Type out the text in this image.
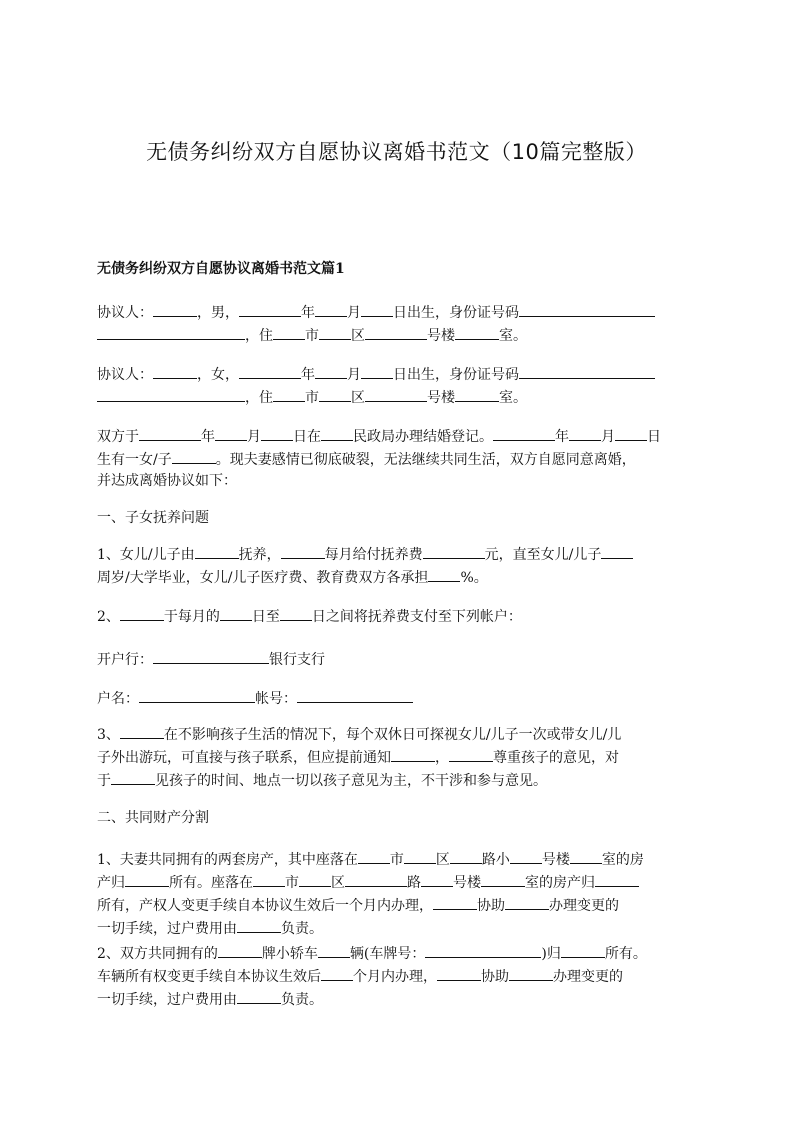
无债务纠纷双方自愿协议离婚书范文（10篇完整版）
无债务纠纷双方自愿协议离婚书范文篇1

协议人：	，男，	年 月 日出生，身份证号码
，住 市 区	号楼	室。

协议人：	，女，	年 月 日出生，身份证号码
，住 市 区	号楼	室。

双方于	年 月 日在 民政局办理结婚登记。	年 月 日
生有一女/子	。现夫妻感情已彻底破裂，无法继续共同生活，双方自愿同意离婚，
并达成离婚协议如下：

一、子女抚养问题

1、女儿/儿子由	抚养，	每月给付抚养费	元，直至女儿/儿子
周岁/大学毕业，女儿/儿子医疗费、教育费双方各承担 %。

2、	于每月的 日至 日之间将抚养费支付至下列帐户：

开户行：	银行支行

户名：	帐号：

3、	在不影响孩子生活的情况下，每个双休日可探视女儿/儿子一次或带女儿/儿
子外出游玩，可直接与孩子联系，但应提前通知	，	尊重孩子的意见，对
于	见孩子的时间、地点一切以孩子意见为主，不干涉和参与意见。

二、共同财产分割

1、夫妻共同拥有的两套房产，其中座落在 市 区 路小 号楼 室的房
产归	所有。座落在 市 区	路 号楼	室的房产归
所有，产权人变更手续自本协议生效后一个月内办理，	协助	办理变更的
一切手续，过户费用由	负责。

2、双方共同拥有的	牌小轿车 辆(车牌号：	)归	所有。
车辆所有权变更手续自本协议生效后 个月内办理，	协助	办理变更的
一切手续，过户费用由	负责。
